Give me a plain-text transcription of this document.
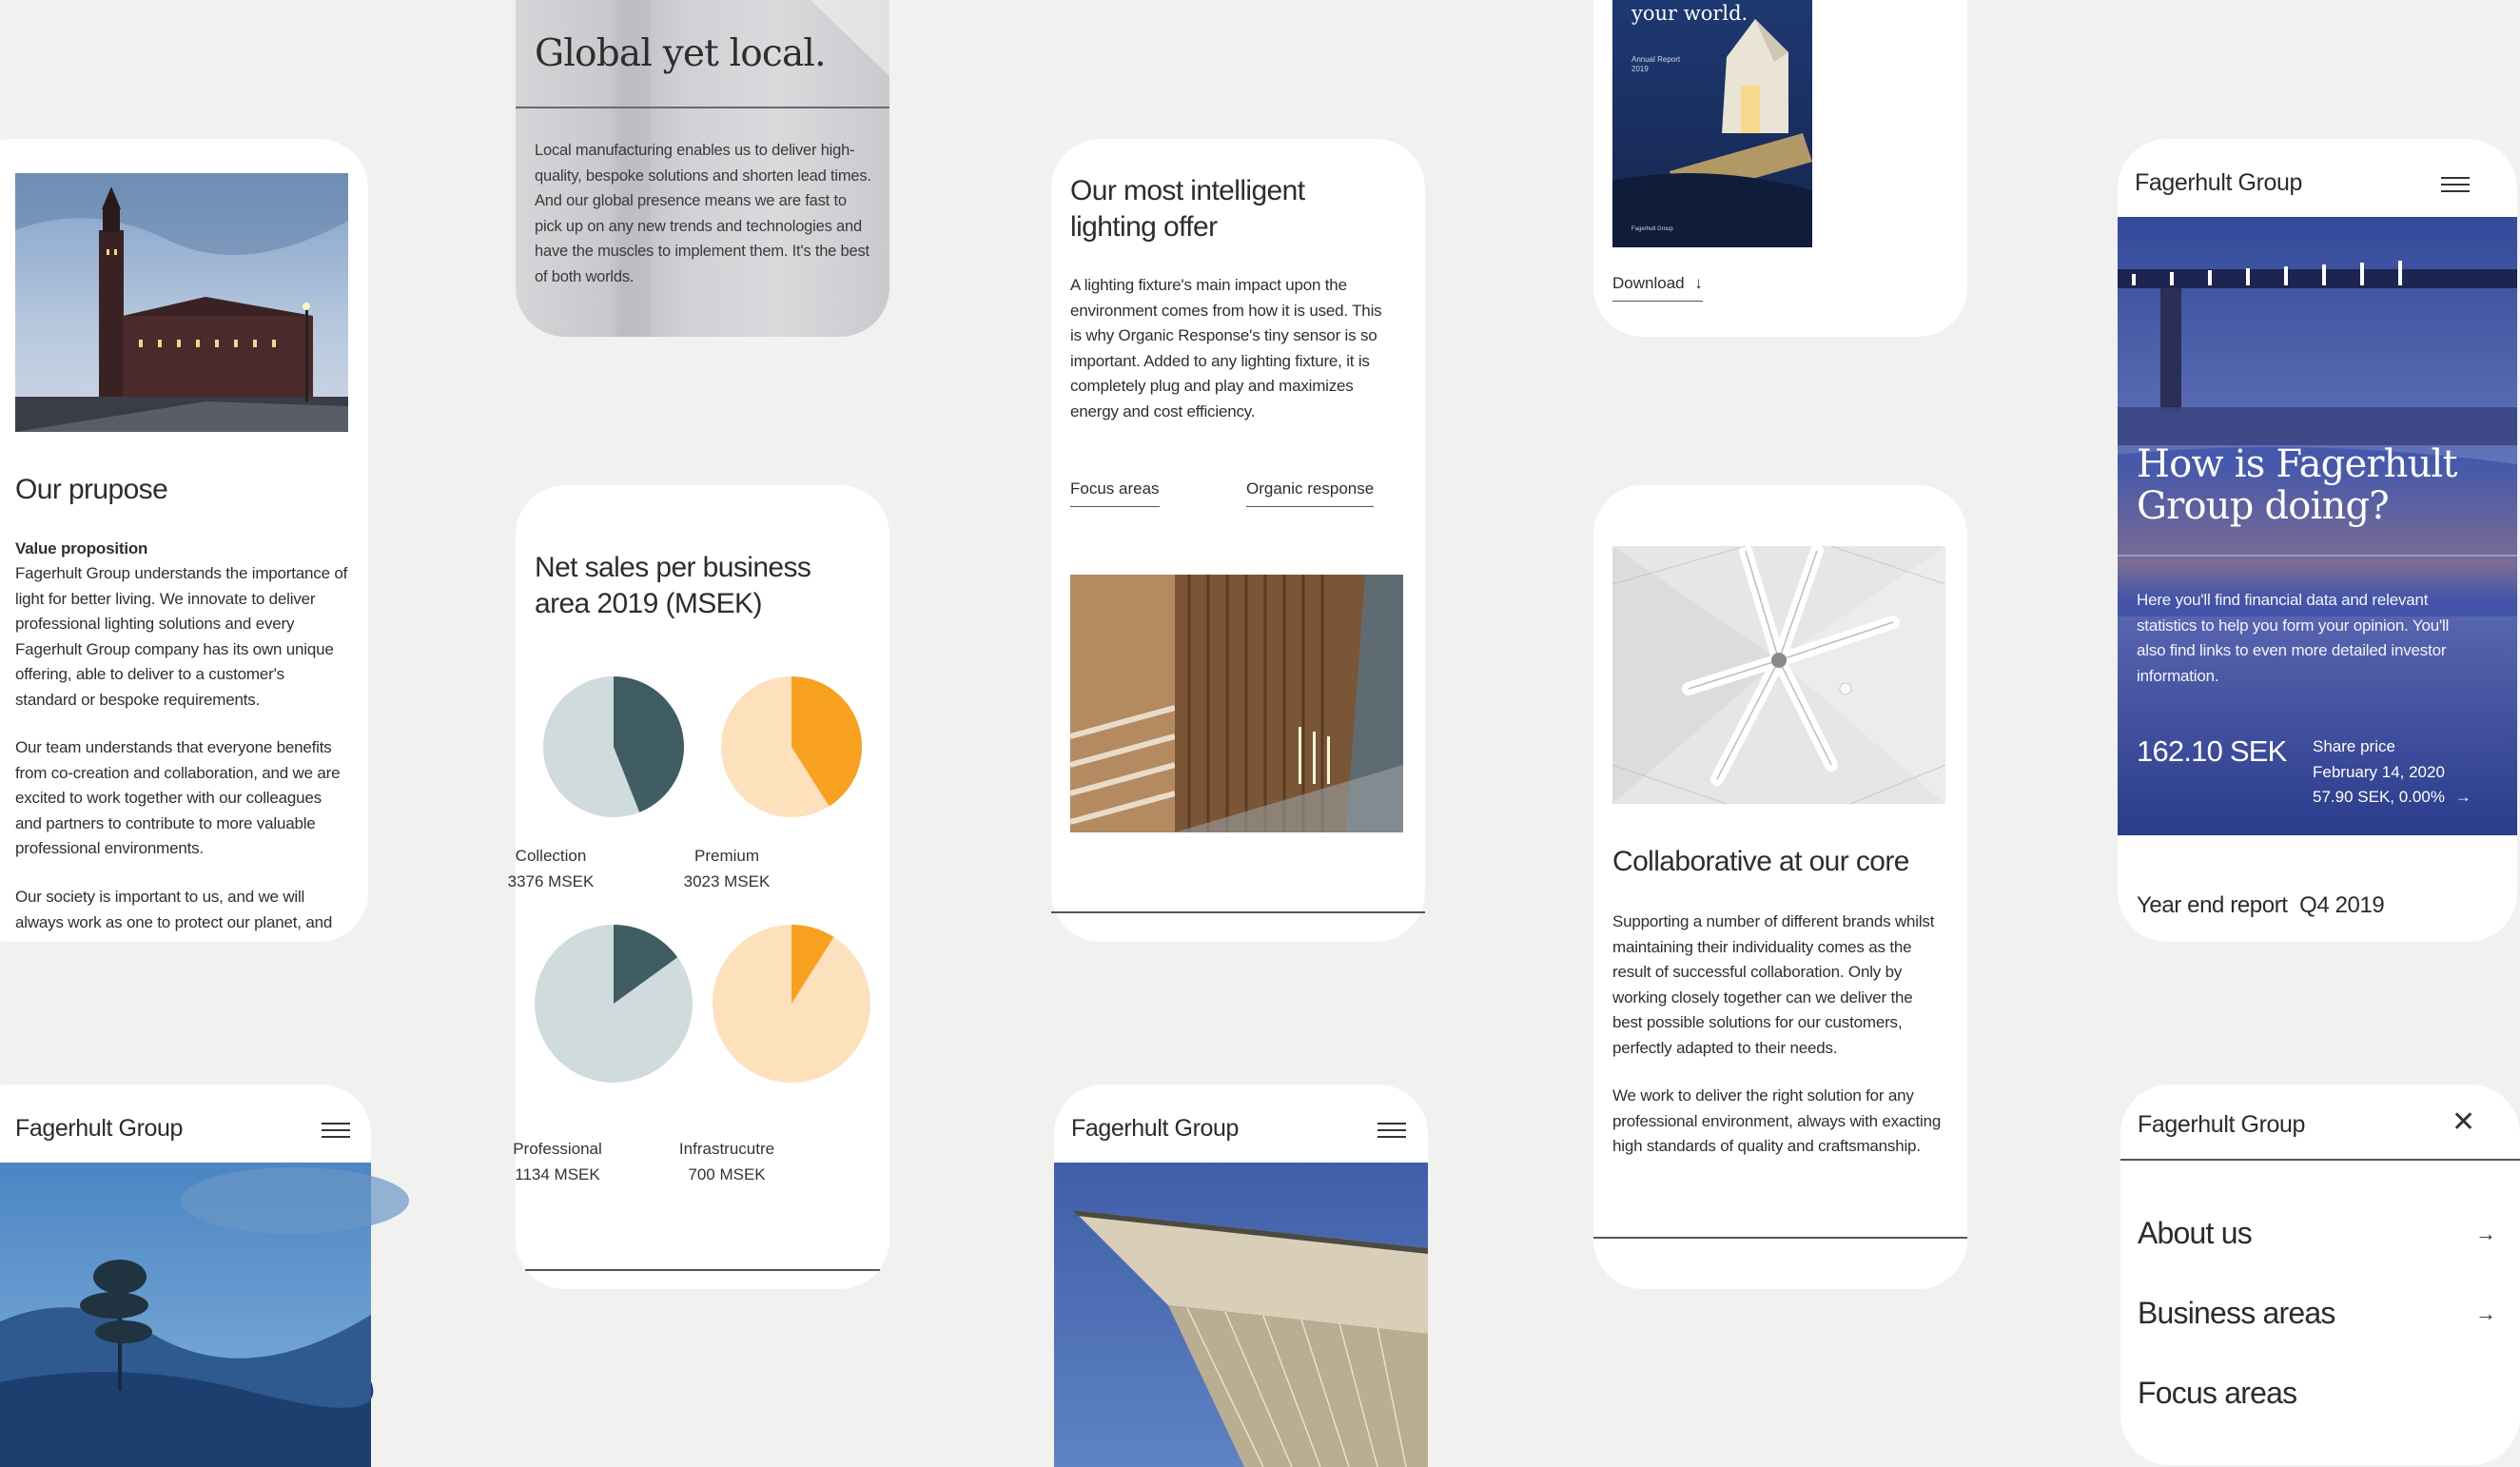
Our prupose
Value proposition
Fagerhult Group understands the importance of light for better living. We innovate to deliver professional lighting solutions and every Fagerhult Group company has its own unique offering, able to deliver to a customer's standard or bespoke requirements.
Our team understands that everyone benefits from co-creation and collaboration, and we are excited to work together with our colleagues and partners to contribute to more valuable professional environments.
Our society is important to us, and we will always work as one to protect our planet, and
Global yet local.
Local manufacturing enables us to deliver high-quality, bespoke solutions and shorten lead times. And our global presence means we are fast to pick up on any new trends and technologies and have the muscles to implement them. It's the best of both worlds.
Net sales per business area 2019 (MSEK)
Collection
3376 MSEK
Premium
3023 MSEK
Professional
1134 MSEK
Infrastrucutre
700 MSEK
Our most intelligent lighting offer
A lighting fixture's main impact upon the environment comes from how it is used. This is why Organic Response's tiny sensor is so important. Added to any lighting fixture, it is completely plug and play and maximizes energy and cost efficiency.
Focus areas	Organic response
your world.
Annual Report 2019
Fagerhult Group
Download ↓
Collaborative at our core
Supporting a number of different brands whilst maintaining their individuality comes as the result of successful collaboration. Only by working closely together can we deliver the best possible solutions for our customers, perfectly adapted to their needs.
We work to deliver the right solution for any professional environment, always with exacting high standards of quality and craftsmanship.
Fagerhult Group
How is Fagerhult Group doing?
Here you'll find financial data and relevant statistics to help you form your opinion. You'll also find links to even more detailed investor information.
162.10 SEK Share price
February 14, 2020
57.90 SEK, 0.00% →
Year end report  Q4 2019
Fagerhult Group	Fagerhult Group	Fagerhult Group	✕
About us	→
Business areas	→
Focus areas
